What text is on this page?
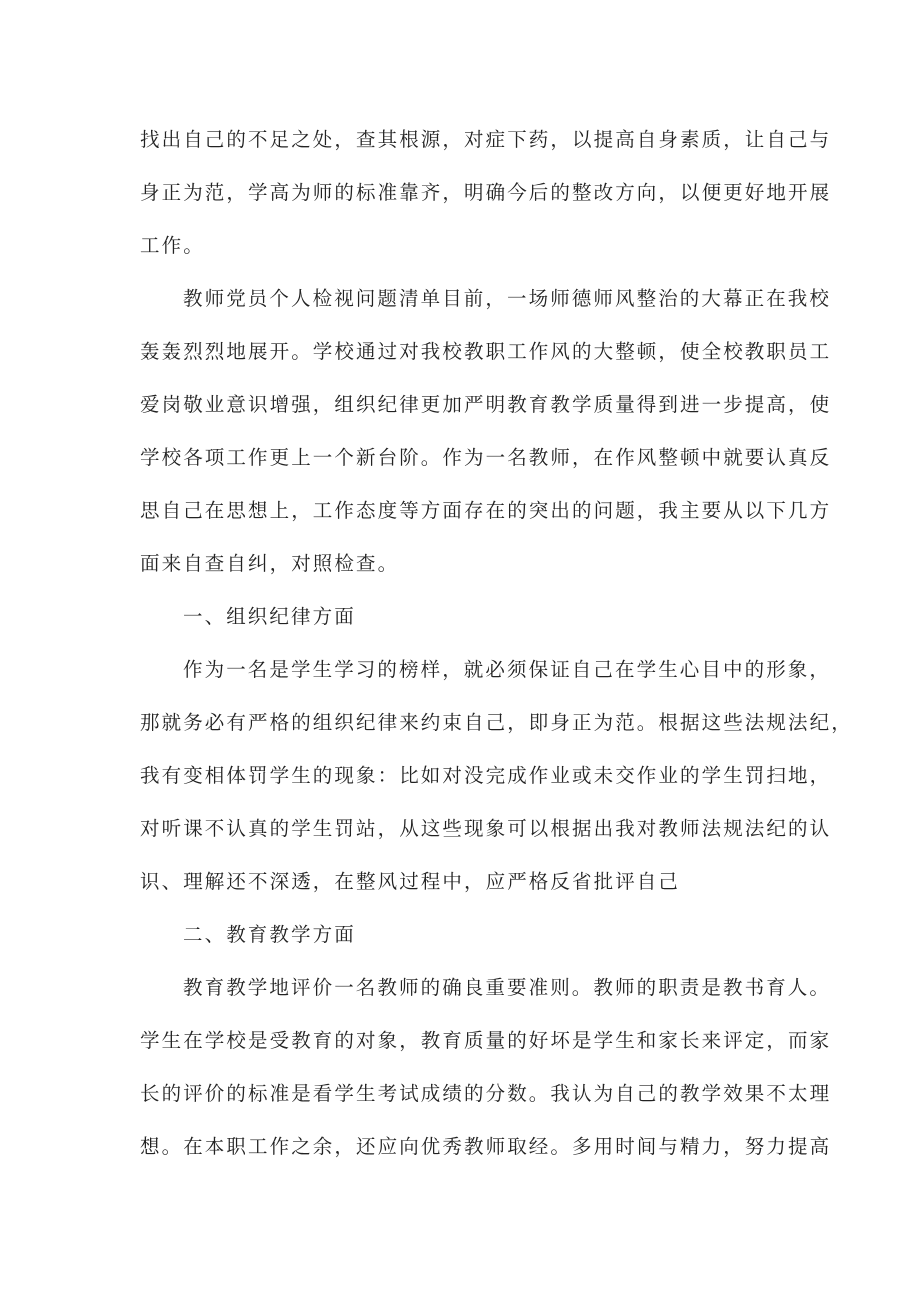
找出自己的不足之处，查其根源，对症下药，以提高自身素质，让自己与
身正为范，学高为师的标准靠齐，明确今后的整改方向，以便更好地开展
工作。
教师党员个人检视问题清单目前，一场师德师风整治的大幕正在我校
轰轰烈烈地展开。学校通过对我校教职工作风的大整顿，使全校教职员工
爱岗敬业意识增强，组织纪律更加严明教育教学质量得到进一步提高，使
学校各项工作更上一个新台阶。作为一名教师，在作风整顿中就要认真反
思自己在思想上，工作态度等方面存在的突出的问题，我主要从以下几方
面来自查自纠，对照检查。
一、组织纪律方面
作为一名是学生学习的榜样，就必须保证自己在学生心目中的形象，
那就务必有严格的组织纪律来约束自己，即身正为范。根据这些法规法纪，
我有变相体罚学生的现象：比如对没完成作业或未交作业的学生罚扫地，
对听课不认真的学生罚站，从这些现象可以根据出我对教师法规法纪的认
识、理解还不深透，在整风过程中，应严格反省批评自己
二、教育教学方面
教育教学地评价一名教师的确良重要准则。教师的职责是教书育人。
学生在学校是受教育的对象，教育质量的好坏是学生和家长来评定，而家
长的评价的标准是看学生考试成绩的分数。我认为自己的教学效果不太理
想。在本职工作之余，还应向优秀教师取经。多用时间与精力，努力提高
